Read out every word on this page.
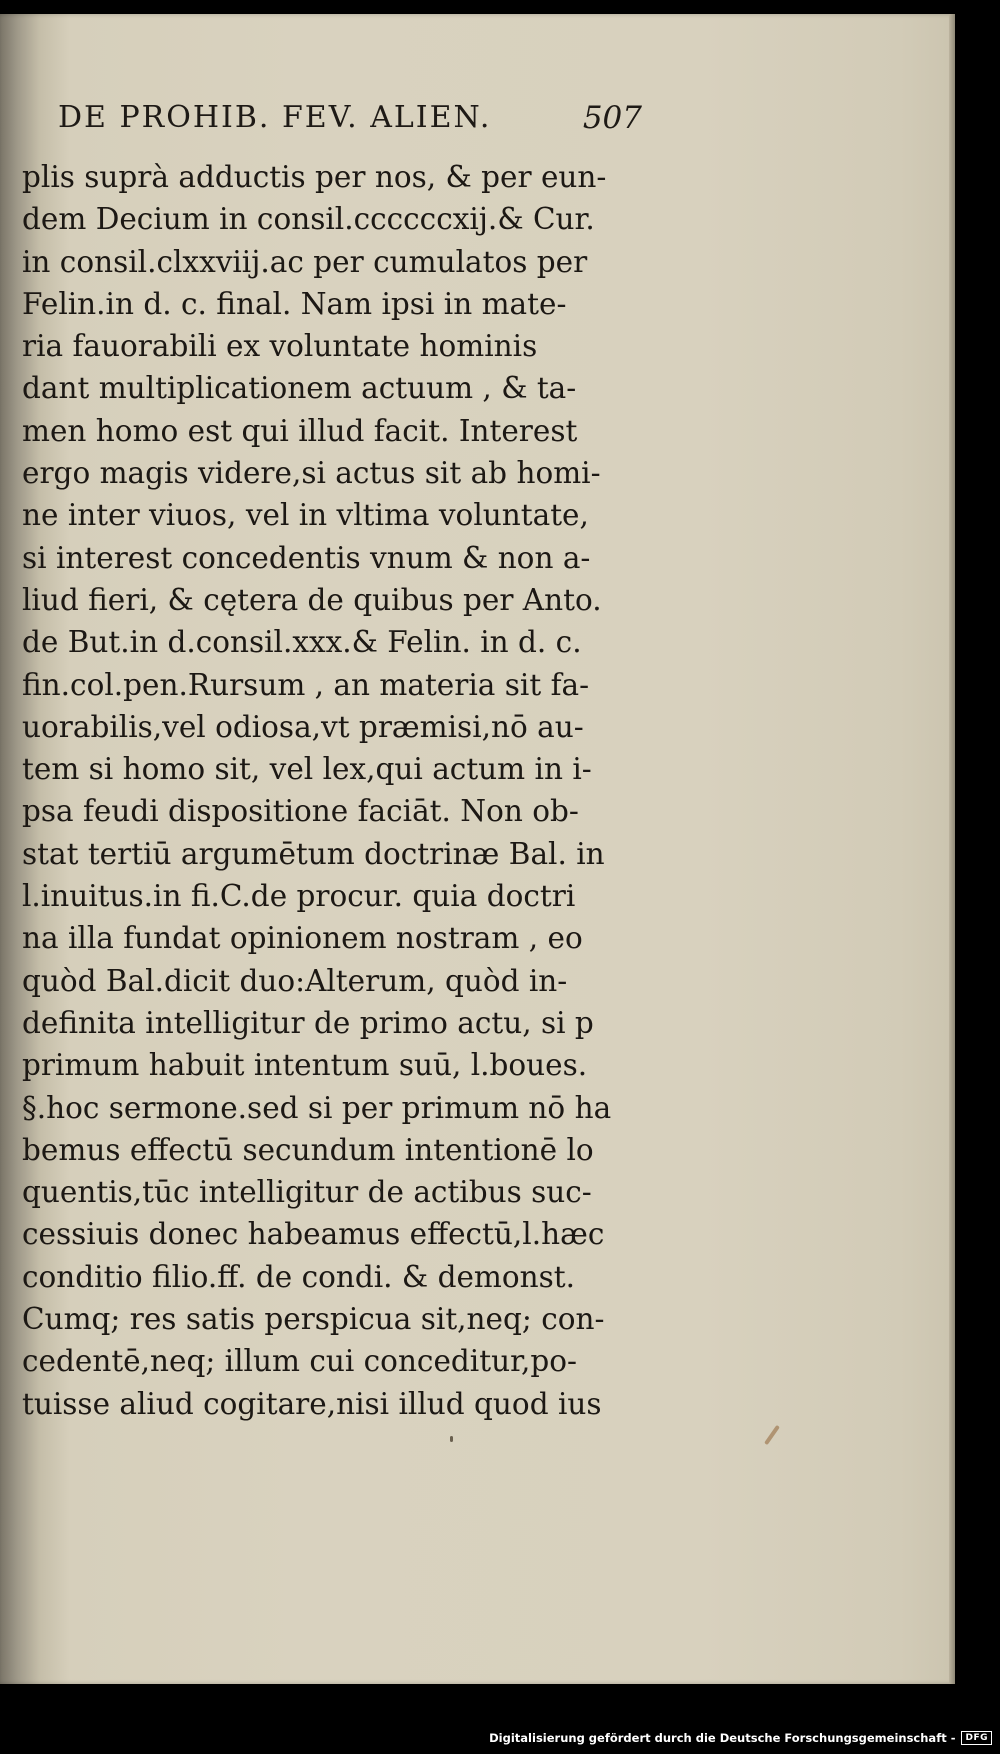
DE PROHIB. FEV. ALIEN.	507
plis suprà adductis per nos, & per eun-
dem Decium in consil.ccccccxij.& Cur.
in consil.clxxviij.ac per cumulatos per
Felin.in d. c. final. Nam ipsi in mate-
ria fauorabili ex voluntate hominis
dant multiplicationem actuum , & ta-
men homo est qui illud facit. Interest
ergo magis videre,si actus sit ab homi-
ne inter viuos, vel in vltima voluntate,
si interest concedentis vnum & non a-
liud fieri, & cętera de quibus per Anto.
de But.in d.consil.xxx.& Felin. in d. c.
fin.col.pen.Rursum , an materia sit fa-
uorabilis,vel odiosa,vt præmisi,nō au-
tem si homo sit, vel lex,qui actum in i-
psa feudi dispositione faciāt. Non ob-
stat tertiū argumētum doctrinæ Bal. in
l.inuitus.in fi.C.de procur. quia doctri
na illa fundat opinionem nostram , eo
quòd Bal.dicit duo:Alterum, quòd in-
definita intelligitur de primo actu, si p
primum habuit intentum suū, l.boues.
§.hoc sermone.sed si per primum nō ha
bemus effectū secundum intentionē lo
quentis,tūc intelligitur de actibus suc-
cessiuis donec habeamus effectū,l.hæc
conditio filio.ff. de condi. & demonst.
Cumq; res satis perspicua sit,neq; con-
cedentē,neq; illum cui conceditur,po-
tuisse aliud cogitare,nisi illud quod ius
Digitalisierung gefördert durch die Deutsche Forschungsgemeinschaft -	DFG
